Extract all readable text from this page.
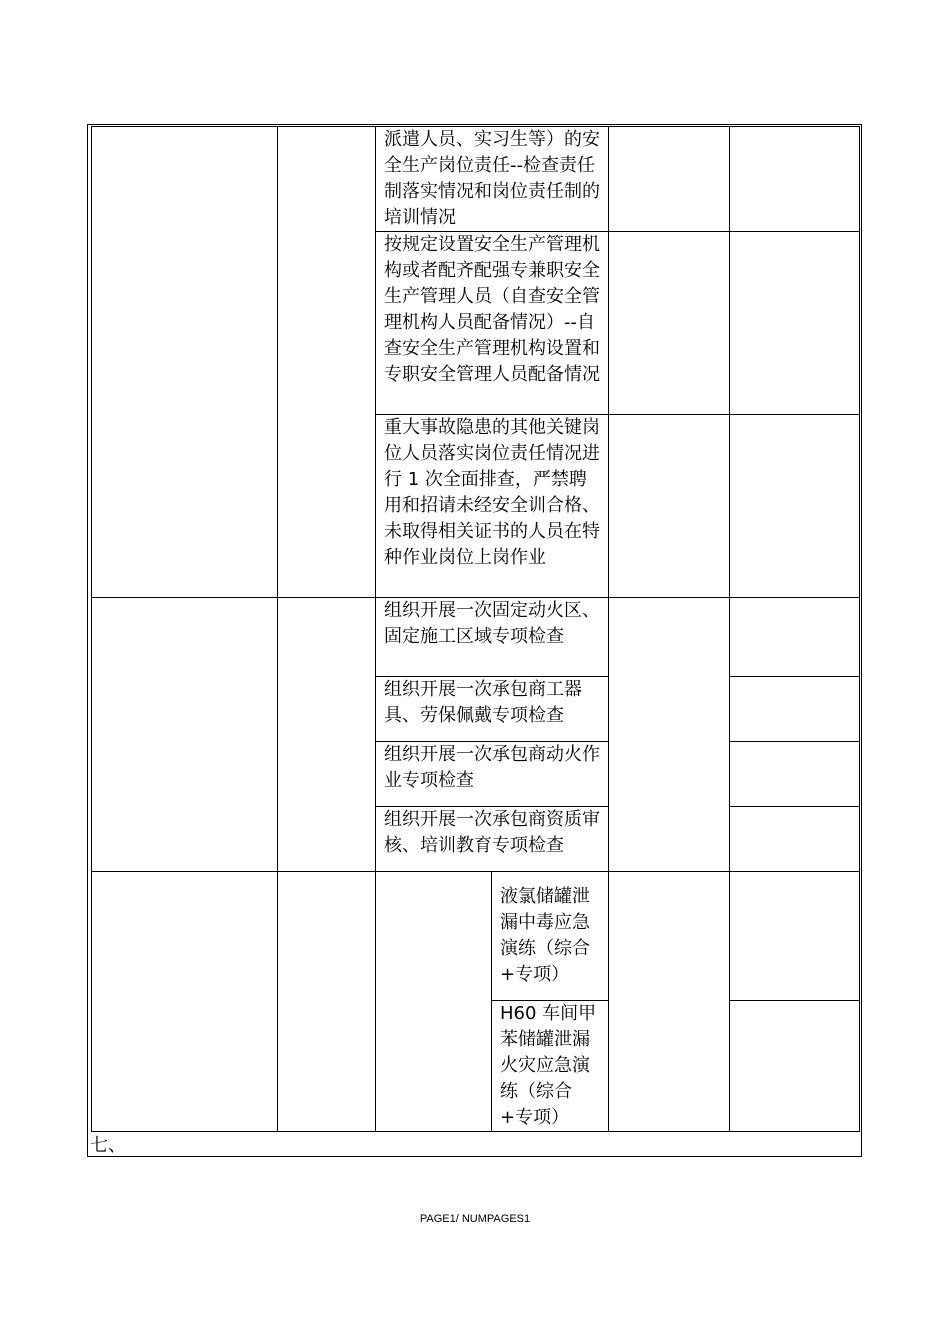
		派遣人员、实习生等）的安全生产岗位责任--检查责任制落实情况和岗位责任制的培训情况			
		按规定设置安全生产管理机构或者配齐配强专兼职安全生产管理人员（自查安全管理机构人员配备情况）--自查安全生产管理机构设置和专职安全管理人员配备情况			
		重大事故隐患的其他关键岗位人员落实岗位责任情况进行 1 次全面排查，严禁聘用和招请未经安全训合格、未取得相关证书的人员在特种作业岗位上岗作业			
		组织开展一次固定动火区、固定施工区域专项检查			
		组织开展一次承包商工器具、劳保佩戴专项检查			
		组织开展一次承包商动火作业专项检查			
		组织开展一次承包商资质审核、培训教育专项检查			
			液氯储罐泄漏中毒应急演练（综合+专项）		
			H60 车间甲苯储罐泄漏火灾应急演练（综合+专项）		
七、
PAGE1/ NUMPAGES1
